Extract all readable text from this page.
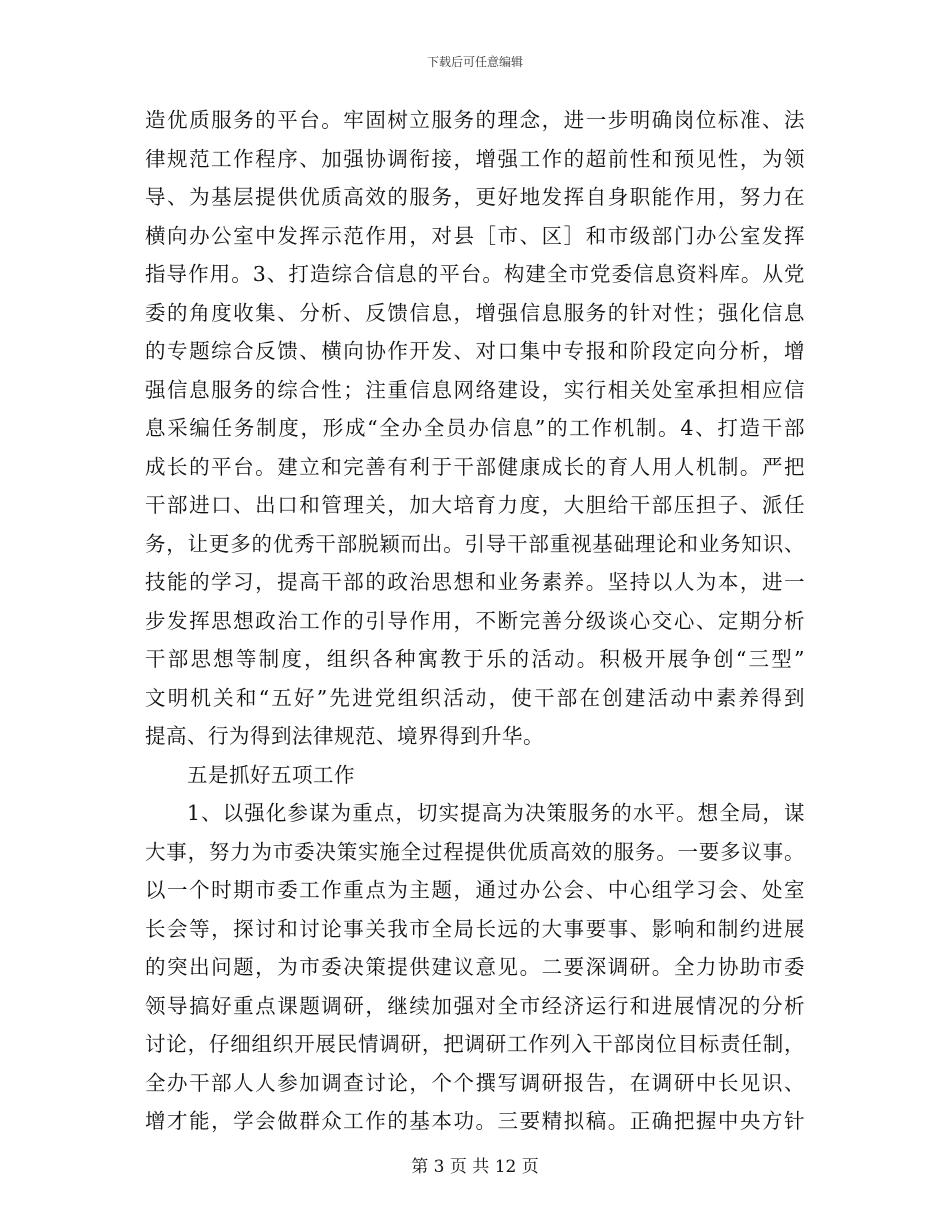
下载后可任意编辑
造优质服务的平台。牢固树立服务的理念，进一步明确岗位标准、法
律规范工作程序、加强协调衔接，增强工作的超前性和预见性，为领
导、为基层提供优质高效的服务，更好地发挥自身职能作用，努力在
横向办公室中发挥示范作用，对县［市、区］和市级部门办公室发挥
指导作用。3、打造综合信息的平台。构建全市党委信息资料库。从党
委的角度收集、分析、反馈信息，增强信息服务的针对性；强化信息
的专题综合反馈、横向协作开发、对口集中专报和阶段定向分析，增
强信息服务的综合性；注重信息网络建设，实行相关处室承担相应信
息采编任务制度，形成“全办全员办信息”的工作机制。4、打造干部
成长的平台。建立和完善有利于干部健康成长的育人用人机制。严把
干部进口、出口和管理关，加大培育力度，大胆给干部压担子、派任
务，让更多的优秀干部脱颖而出。引导干部重视基础理论和业务知识、
技能的学习，提高干部的政治思想和业务素养。坚持以人为本，进一
步发挥思想政治工作的引导作用，不断完善分级谈心交心、定期分析
干部思想等制度，组织各种寓教于乐的活动。积极开展争创“三型”
文明机关和“五好”先进党组织活动，使干部在创建活动中素养得到
提高、行为得到法律规范、境界得到升华。
五是抓好五项工作
1、以强化参谋为重点，切实提高为决策服务的水平。想全局，谋
大事，努力为市委决策实施全过程提供优质高效的服务。一要多议事。
以一个时期市委工作重点为主题，通过办公会、中心组学习会、处室
长会等，探讨和讨论事关我市全局长远的大事要事、影响和制约进展
的突出问题，为市委决策提供建议意见。二要深调研。全力协助市委
领导搞好重点课题调研，继续加强对全市经济运行和进展情况的分析
讨论，仔细组织开展民情调研，把调研工作列入干部岗位目标责任制，
全办干部人人参加调查讨论，个个撰写调研报告，在调研中长见识、
增才能，学会做群众工作的基本功。三要精拟稿。正确把握中央方针
第 3 页 共 12 页
